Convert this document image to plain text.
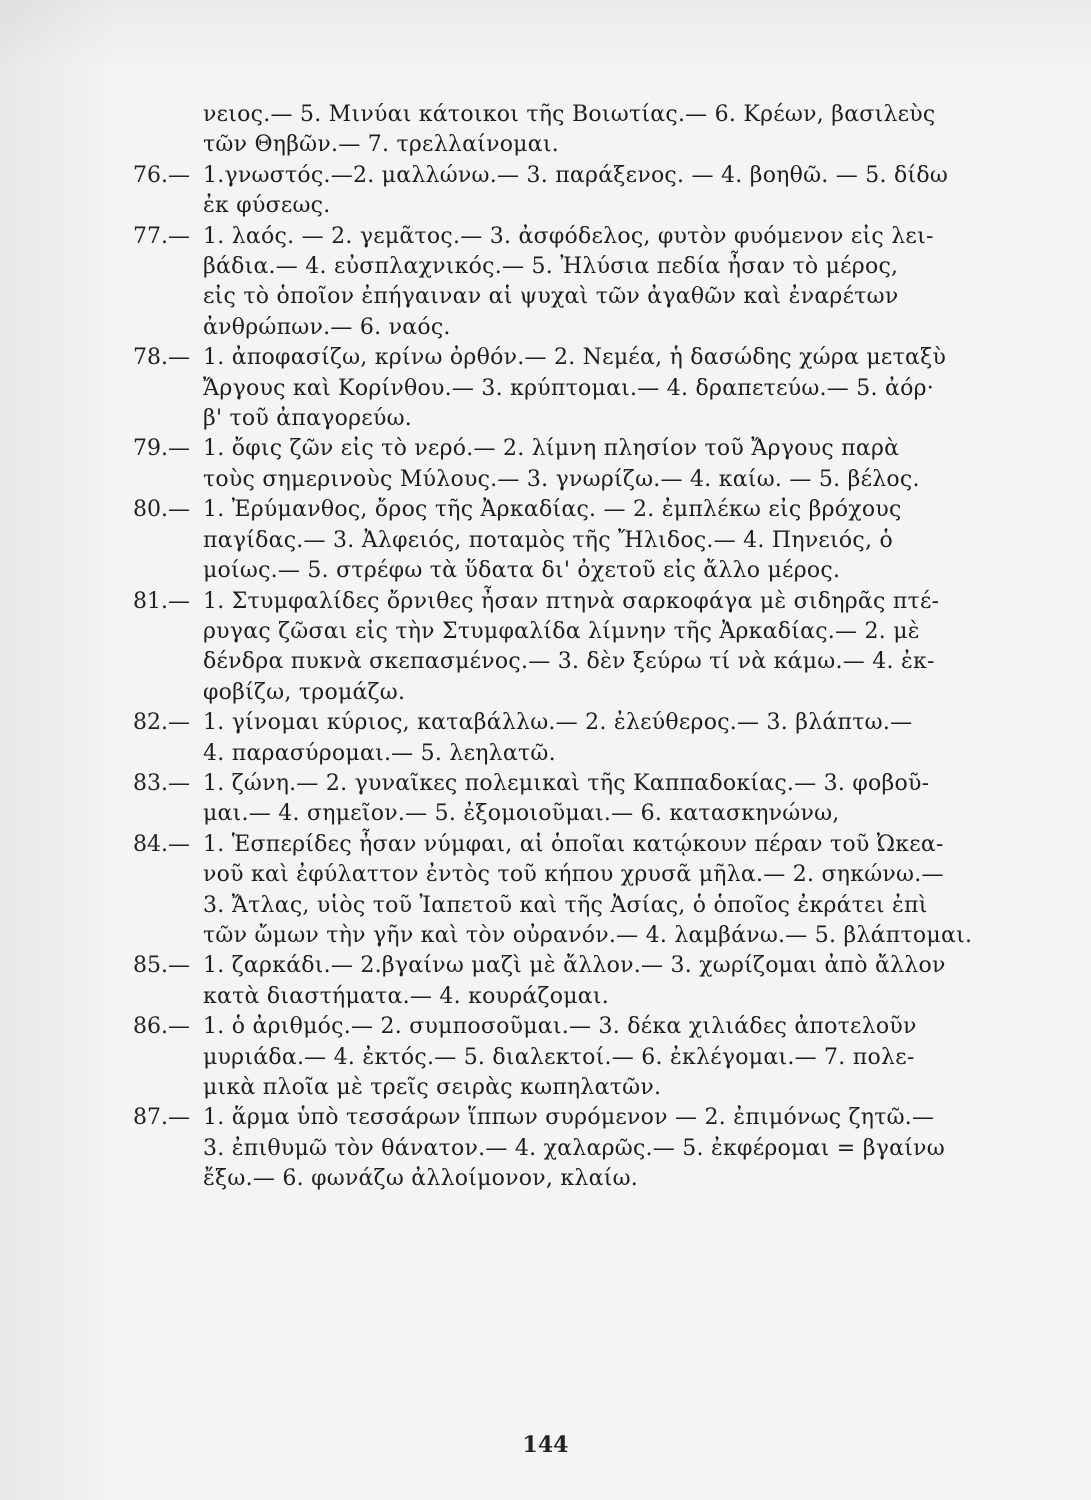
νειος.— 5. Μινύαι κάτοικοι τῆς Βοιωτίας.— 6. Κρέων, βασιλεὺς
τῶν Θηβῶν.— 7. τρελλαίνομαι.
76.— 1.γνωστός.—2. μαλλώνω.— 3. παράξενος. — 4. βοηθῶ. — 5. δίδω
ἐκ φύσεως.
77.— 1. λαός. — 2. γεμᾶτος.— 3. ἀσφόδελος, φυτὸν φυόμενον εἰς λει-
βάδια.— 4. εὐσπλαχνικός.— 5. Ἠλύσια πεδία ἦσαν τὸ μέρος,
εἰς τὸ ὁποῖον ἐπήγαιναν αἱ ψυχαὶ τῶν ἀγαθῶν καὶ ἐναρέτων
ἀνθρώπων.— 6. ναός.
78.— 1. ἀποφασίζω, κρίνω ὀρθόν.— 2. Νεμέα, ἡ δασώδης χώρα μεταξὺ
Ἄργους καὶ Κορίνθου.— 3. κρύπτομαι.— 4. δραπετεύω.— 5. ἀόρ·
β' τοῦ ἀπαγορεύω.
79.— 1. ὄφις ζῶν εἰς τὸ νερό.— 2. λίμνη πλησίον τοῦ Ἄργους παρὰ
τοὺς σημερινοὺς Μύλους.— 3. γνωρίζω.— 4. καίω. — 5. βέλος.
80.— 1. Ἐρύμανθος, ὄρος τῆς Ἀρκαδίας. — 2. ἐμπλέκω εἰς βρόχους
παγίδας.— 3. Ἀλφειός, ποταμὸς τῆς Ἤλιδος.— 4. Πηνειός, ὁ
μοίως.— 5. στρέφω τὰ ὕδατα δι' ὀχετοῦ εἰς ἄλλο μέρος.
81.— 1. Στυμφαλίδες ὄρνιθες ἦσαν πτηνὰ σαρκοφάγα μὲ σιδηρᾶς πτέ-
ρυγας ζῶσαι εἰς τὴν Στυμφαλίδα λίμνην τῆς Ἀρκαδίας.— 2. μὲ
δένδρα πυκνὰ σκεπασμένος.— 3. δὲν ξεύρω τί νὰ κάμω.— 4. ἐκ-
φοβίζω, τρομάζω.
82.— 1. γίνομαι κύριος, καταβάλλω.— 2. ἐλεύθερος.— 3. βλάπτω.—
4. παρασύρομαι.— 5. λεηλατῶ.
83.— 1. ζώνη.— 2. γυναῖκες πολεμικαὶ τῆς Καππαδοκίας.— 3. φοβοῦ-
μαι.— 4. σημεῖον.— 5. ἐξομοιοῦμαι.— 6. κατασκηνώνω,
84.— 1. Ἑσπερίδες ἦσαν νύμφαι, αἱ ὁποῖαι κατῴκουν πέραν τοῦ Ὠκεα-
νοῦ καὶ ἐφύλαττον ἐντὸς τοῦ κήπου χρυσᾶ μῆλα.— 2. σηκώνω.—
3. Ἄτλας, υἱὸς τοῦ Ἰαπετοῦ καὶ τῆς Ἀσίας, ὁ ὁποῖος ἐκράτει ἐπὶ
τῶν ὤμων τὴν γῆν καὶ τὸν οὐρανόν.— 4. λαμβάνω.— 5. βλάπτομαι.
85.— 1. ζαρκάδι.— 2.βγαίνω μαζὶ μὲ ἄλλον.— 3. χωρίζομαι ἀπὸ ἄλλον
κατὰ διαστήματα.— 4. κουράζομαι.
86.— 1. ὁ ἀριθμός.— 2. συμποσοῦμαι.— 3. δέκα χιλιάδες ἀποτελοῦν
μυριάδα.— 4. ἐκτός.— 5. διαλεκτοί.— 6. ἐκλέγομαι.— 7. πολε-
μικὰ πλοῖα μὲ τρεῖς σειρὰς κωπηλατῶν.
87.— 1. ἅρμα ὑπὸ τεσσάρων ἵππων συρόμενον — 2. ἐπιμόνως ζητῶ.—
3. ἐπιθυμῶ τὸν θάνατον.— 4. χαλαρῶς.— 5. ἐκφέρομαι = βγαίνω
ἔξω.— 6. φωνάζω ἀλλοίμονον, κλαίω.
144
